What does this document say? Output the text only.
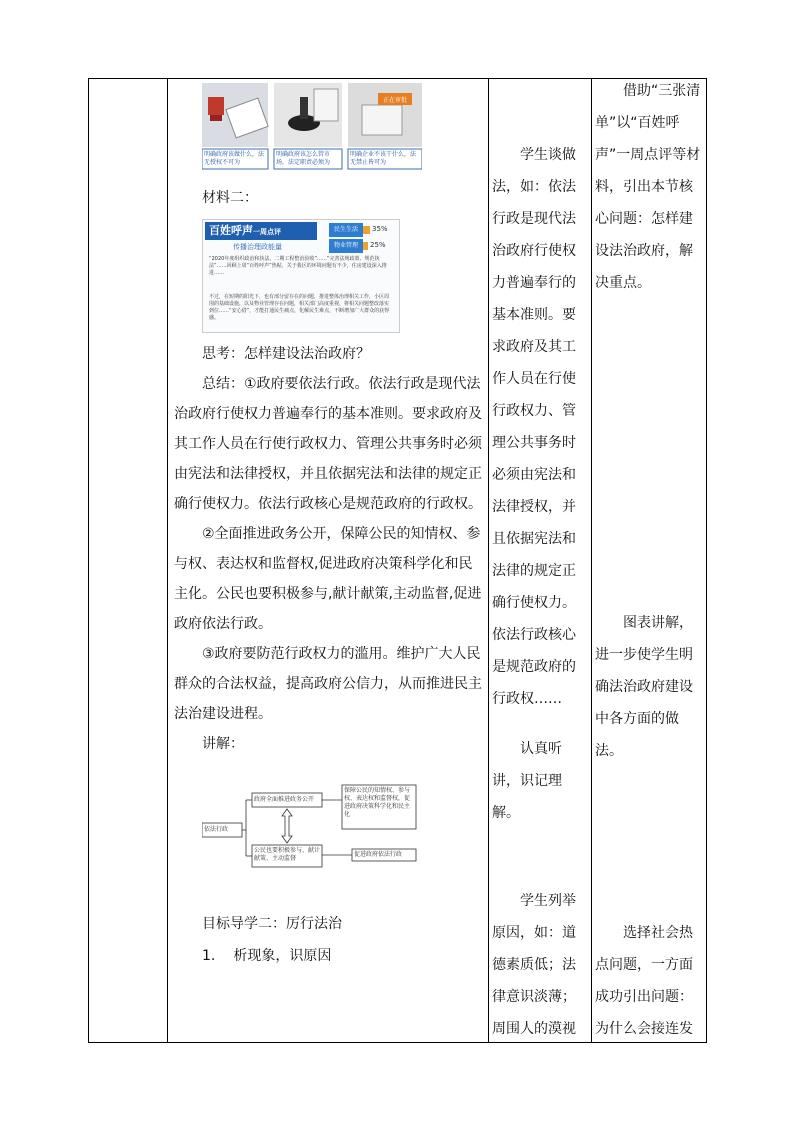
正在审批
明确政府该做什么，法无授权不可为
明确政府该怎么管市场，法定职责必须为
明确企业不该干什么，法无禁止皆可为

材料二：

百姓呼声一周点评
传播治理政能量
民生生活 35%
物业管理 25%
“2020年度组织政治和执法，二期工程整治验收”……“完善法规政策、规范执法”……回顾上周“百姓呼声”热帖，关于我区的环境问题有不少，住房建设深入推进……
不过，在短期的阳光下，也有部分留存在的问题，推进整体治理相关工作，小区周围的基础设施，以及物业管理存在问题，相关部门高度重视，将相关问题整改落实到位……“安心借”，才能打通民生痛点，化解民生难点，不断增加广大群众的获得感。

思考：怎样建设法治政府？

总结：①政府要依法行政。依法行政是现代法治政府行使权力普遍奉行的基本准则。要求政府及其工作人员在行使行政权力、管理公共事务时必须由宪法和法律授权，并且依据宪法和法律的规定正确行使权力。依法行政核心是规范政府的行政权。

②全面推进政务公开，保障公民的知情权、参与权、表达权和监督权,促进政府决策科学化和民主化。公民也要积极参与,献计献策,主动监督,促进政府依法行政。

③政府要防范行政权力的滥用。维护广大人民群众的合法权益，提高政府公信力，从而推进民主法治建设进程。

讲解：

依法行政
政府全面推进政务公开
保障公民的知情权、参与权、表达权和监督权，促进政府决策科学化和民主化
公民也要积极参与、献计献策、主动监督
促进政府依法行政

目标导学二：厉行法治

1. 析现象，识原因

学生谈做法，如：依法行政是现代法治政府行使权力普遍奉行的基本准则。要求政府及其工作人员在行使行政权力、管理公共事务时必须由宪法和法律授权，并且依据宪法和法律的规定正确行使权力。依法行政核心是规范政府的行政权……

认真听讲，识记理解。

学生列举原因，如：道德素质低；法律意识淡薄；周围人的漠视

借助“三张清单”以“百姓呼声”一周点评等材料，引出本节核心问题：怎样建设法治政府，解决重点。

图表讲解，进一步使学生明确法治政府建设中各方面的做法。

选择社会热点问题，一方面成功引出问题：为什么会接连发
